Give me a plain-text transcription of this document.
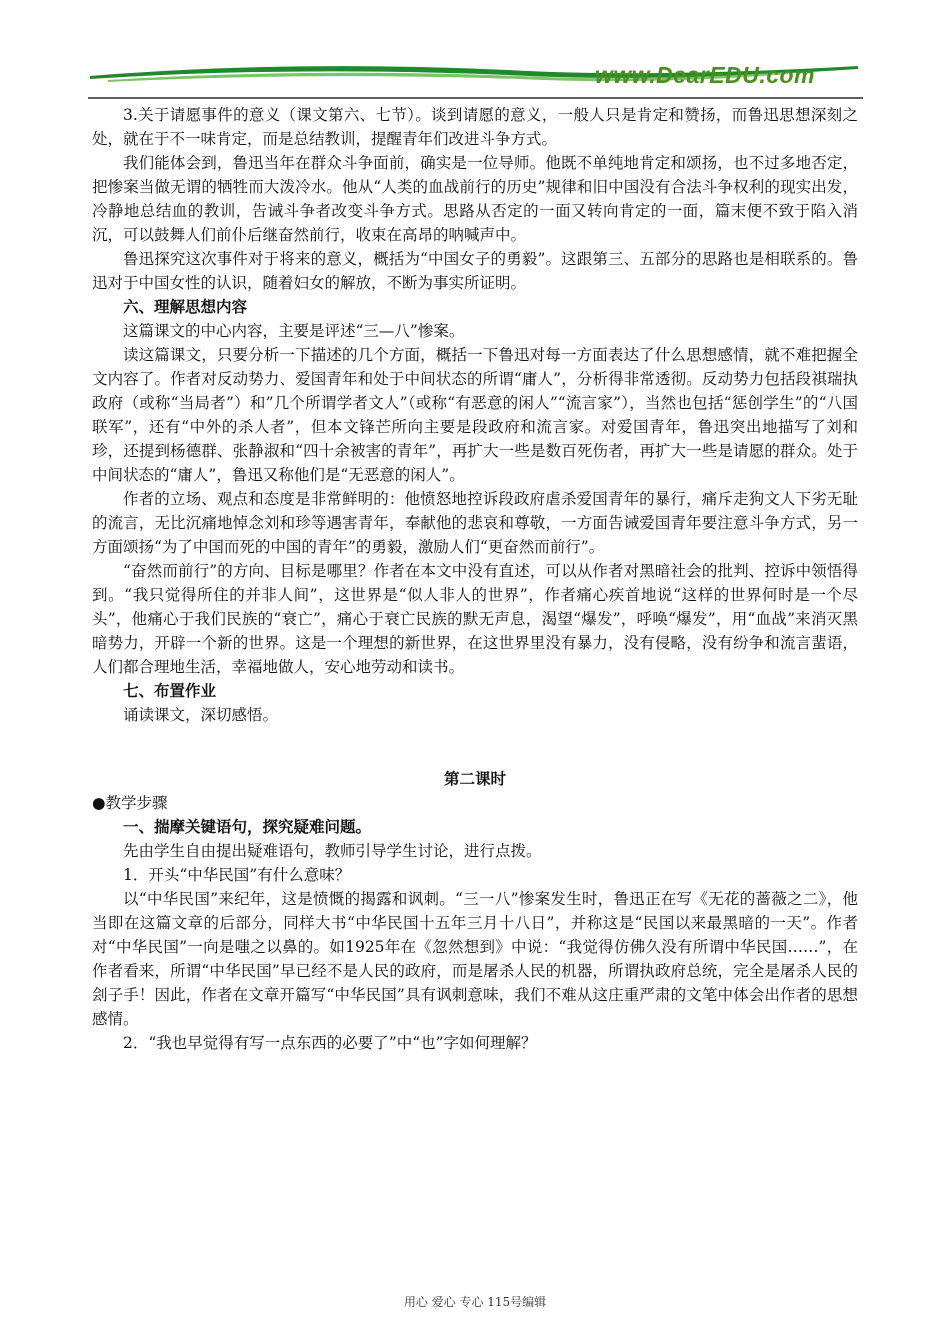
www.DearEDU.com

3.关于请愿事件的意义（课文第六、七节）。谈到请愿的意义，一般人只是肯定和赞扬，而鲁迅思想深刻之处，就在于不一味肯定，而是总结教训，提醒青年们改进斗争方式。

我们能体会到，鲁迅当年在群众斗争面前，确实是一位导师。他既不单纯地肯定和颂扬，也不过多地否定，把惨案当做无谓的牺牲而大泼冷水。他从“人类的血战前行的历史”规律和旧中国没有合法斗争权利的现实出发，冷静地总结血的教训，告诫斗争者改变斗争方式。思路从否定的一面又转向肯定的一面，篇末便不致于陷入消沉，可以鼓舞人们前仆后继奋然前行，收束在高昂的呐喊声中。

鲁迅探究这次事件对于将来的意义，概括为“中国女子的勇毅”。这跟第三、五部分的思路也是相联系的。鲁迅对于中国女性的认识，随着妇女的解放，不断为事实所证明。

六、理解思想内容

这篇课文的中心内容，主要是评述“三—八”惨案。

读这篇课文，只要分析一下描述的几个方面，概括一下鲁迅对每一方面表达了什么思想感情，就不难把握全文内容了。作者对反动势力、爱国青年和处于中间状态的所谓“庸人”，分析得非常透彻。反动势力包括段祺瑞执政府（或称“当局者”）和”几个所谓学者文人”（或称“有恶意的闲人”“流言家”），当然也包括“惩创学生”的“八国联军”，还有“中外的杀人者”，但本文锋芒所向主要是段政府和流言家。对爱国青年，鲁迅突出地描写了刘和珍，还提到杨德群、张静淑和“四十余被害的青年”，再扩大一些是数百死伤者，再扩大一些是请愿的群众。处于中间状态的“庸人”，鲁迅又称他们是“无恶意的闲人”。

作者的立场、观点和态度是非常鲜明的：他愤怒地控诉段政府虐杀爱国青年的暴行，痛斥走狗文人下劣无耻的流言，无比沉痛地悼念刘和珍等遇害青年，奉献他的悲哀和尊敬，一方面告诫爱国青年要注意斗争方式，另一方面颂扬“为了中国而死的中国的青年”的勇毅，激励人们“更奋然而前行”。

“奋然而前行”的方向、目标是哪里？作者在本文中没有直述，可以从作者对黑暗社会的批判、控诉中领悟得到。“我只觉得所住的并非人间”，这世界是“似人非人的世界”，作者痛心疾首地说“这样的世界何时是一个尽头”，他痛心于我们民族的“衰亡”，痛心于衰亡民族的默无声息，渴望“爆发”，呼唤“爆发”，用“血战”来消灭黑暗势力，开辟一个新的世界。这是一个理想的新世界，在这世界里没有暴力，没有侵略，没有纷争和流言蜚语，人们都合理地生活，幸福地做人，安心地劳动和读书。

七、布置作业

诵读课文，深切感悟。

第二课时

●教学步骤

一、揣摩关键语句，探究疑难问题。

先由学生自由提出疑难语句，教师引导学生讨论，进行点拨。

1．开头“中华民国”有什么意味？

以“中华民国”来纪年，这是愤慨的揭露和讽刺。“三一八”惨案发生时，鲁迅正在写《无花的蔷薇之二》，他当即在这篇文章的后部分，同样大书“中华民国十五年三月十八日”，并称这是“民国以来最黑暗的一天”。作者对“中华民国”一向是嗤之以鼻的。如1925年在《忽然想到》中说：“我觉得仿佛久没有所谓中华民国……”，在作者看来，所谓“中华民国”早已经不是人民的政府，而是屠杀人民的机器，所谓执政府总统，完全是屠杀人民的刽子手！因此，作者在文章开篇写“中华民国”具有讽刺意味，我们不难从这庄重严肃的文笔中体会出作者的思想感情。

2．“我也早觉得有写一点东西的必要了”中“也”字如何理解？

用心 爱心 专心 115号编辑
